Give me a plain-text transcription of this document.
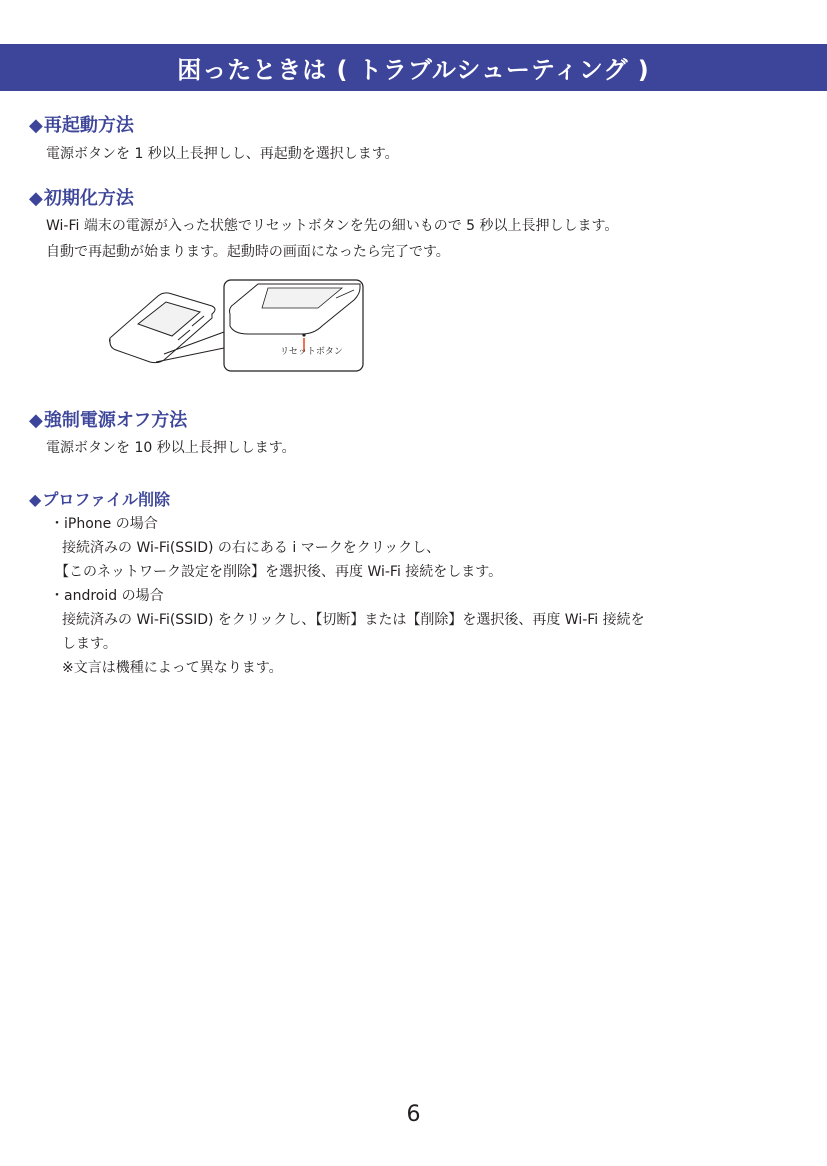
困ったときは ( トラブルシューティング )
◆再起動方法
電源ボタンを 1 秒以上長押しし、再起動を選択します。
◆初期化方法
Wi-Fi 端末の電源が入った状態でリセットボタンを先の細いもので 5 秒以上長押しします。
自動で再起動が始まります。起動時の画面になったら完了です。
リセットボタン
◆強制電源オフ方法
電源ボタンを 10 秒以上長押しします。
◆プロファイル削除
・iPhone の場合
接続済みの Wi-Fi(SSID) の右にある i マークをクリックし、
【このネットワーク設定を削除】を選択後、再度 Wi-Fi 接続をします。
・android の場合
接続済みの Wi-Fi(SSID) をクリックし、【切断】または【削除】を選択後、再度 Wi-Fi 接続を
します。
※文言は機種によって異なります。
6
